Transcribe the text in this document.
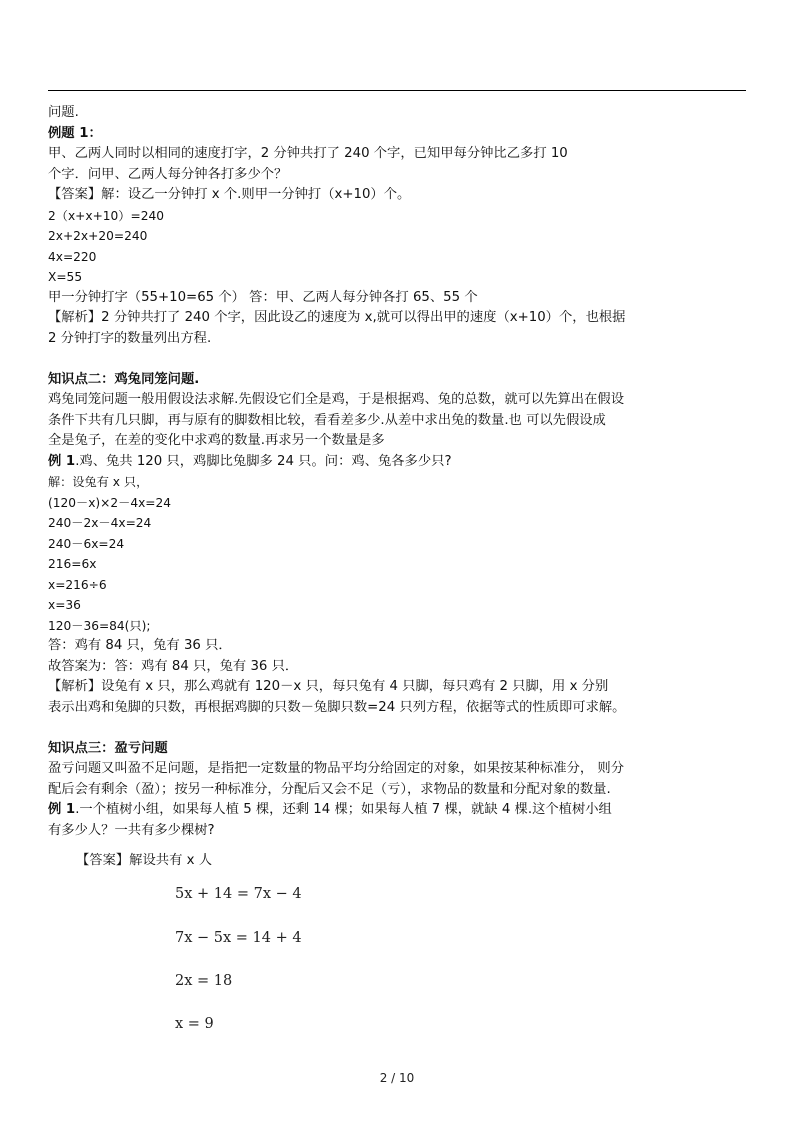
问题.
例题 1：
甲、乙两人同时以相同的速度打字，2 分钟共打了 240 个字，已知甲每分钟比乙多打 10
个字．问甲、乙两人每分钟各打多少个？
【答案】解：设乙一分钟打 x 个.则甲一分钟打（x+10）个。
2（x+x+10）=240
2x+2x+20=240
4x=220
X=55
甲一分钟打字（55+10=65 个） 答：甲、乙两人每分钟各打 65、55 个
【解析】2 分钟共打了 240 个字，因此设乙的速度为 x,就可以得出甲的速度（x+10）个，也根据
2 分钟打字的数量列出方程.
知识点二：鸡兔同笼问题.
鸡兔同笼问题一般用假设法求解.先假设它们全是鸡，于是根据鸡、兔的总数，就可以先算出在假设
条件下共有几只脚，再与原有的脚数相比较，看看差多少.从差中求出兔的数量.也 可以先假设成
全是兔子，在差的变化中求鸡的数量.再求另一个数量是多
例 1.鸡、兔共 120 只，鸡脚比兔脚多 24 只。问：鸡、兔各多少只?
解：设兔有 x 只，
(120－x)×2－4x=24
240－2x－4x=24
240－6x=24
216=6x
x=216÷6
x=36
120－36=84(只);
答：鸡有 84 只，兔有 36 只．
故答案为：答：鸡有 84 只，兔有 36 只．
【解析】设兔有 x 只，那么鸡就有 120－x 只，每只兔有 4 只脚，每只鸡有 2 只脚，用 x 分别
表示出鸡和兔脚的只数，再根据鸡脚的只数－兔脚只数=24 只列方程，依据等式的性质即可求解。
知识点三：盈亏问题
盈亏问题又叫盈不足问题，是指把一定数量的物品平均分给固定的对象，如果按某种标准分， 则分
配后会有剩余（盈）；按另一种标准分，分配后又会不足（亏），求物品的数量和分配对象的数量.
例 1.一个植树小组，如果每人植 5 棵，还剩 14 棵；如果每人植 7 棵，就缺 4 棵.这个植树小组
有多少人？一共有多少棵树?
【答案】解设共有 x 人
5x + 14 = 7x − 4
7x − 5x = 14 + 4
2x = 18
x = 9
2 / 10
